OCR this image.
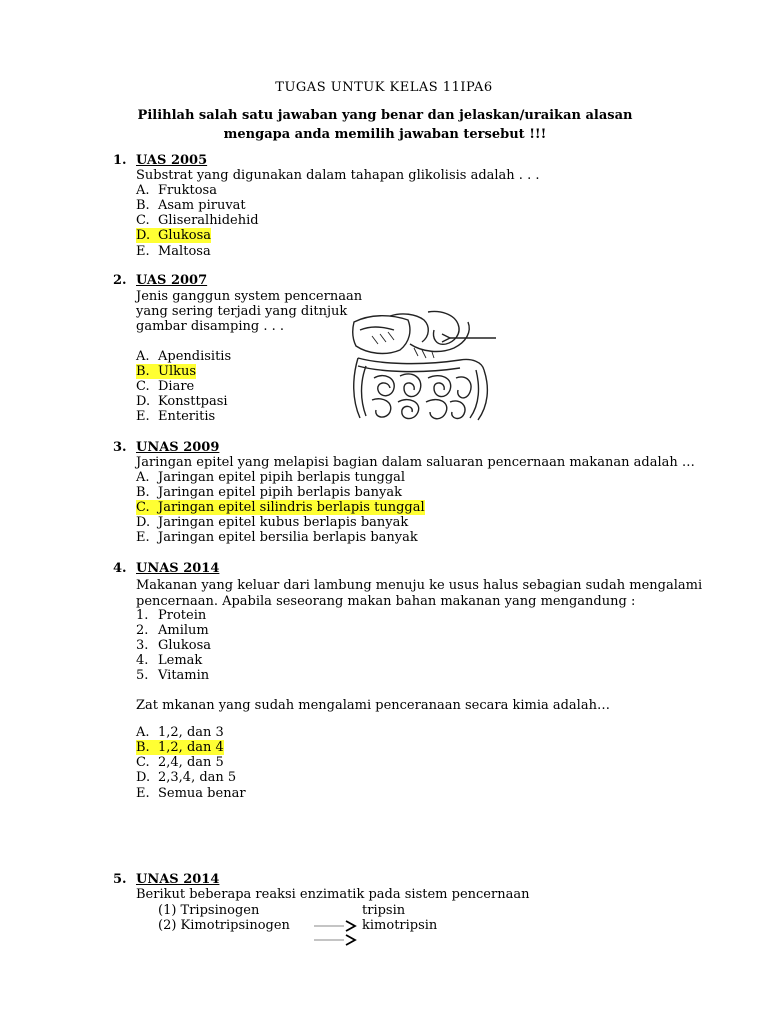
TUGAS UNTUK KELAS 11IPA6
Pilihlah salah satu jawaban yang benar dan jelaskan/uraikan alasan mengapa anda memilih jawaban tersebut !!!
1. UAS 2005
Substrat yang digunakan dalam tahapan glikolisis adalah . . .
A. Fruktosa
B. Asam piruvat
C. Gliseralhidehid
D. Glukosa
E. Maltosa
2. UAS 2007
Jenis ganggun system pencernaan
yang sering terjadi yang ditnjuk
gambar disamping . . .
A. Apendisitis
B. Ulkus
C. Diare
D. Konsttpasi
E. Enteritis
3. UNAS 2009
Jaringan epitel yang melapisi bagian dalam saluaran pencernaan makanan adalah …
A. Jaringan epitel pipih berlapis tunggal
B. Jaringan epitel pipih berlapis banyak
C. Jaringan epitel silindris berlapis tunggal
D. Jaringan epitel kubus berlapis banyak
E. Jaringan epitel bersilia berlapis banyak
4. UNAS 2014
Makanan yang keluar dari lambung menuju ke usus halus sebagian sudah mengalami
pencernaan. Apabila seseorang makan bahan makanan yang mengandung :
1. Protein
2. Amilum
3. Glukosa
4. Lemak
5. Vitamin
Zat mkanan yang sudah mengalami penceranaan secara kimia adalah…
A. 1,2, dan 3
B. 1,2, dan 4
C. 2,4, dan 5
D. 2,3,4, dan 5
E. Semua benar
5. UNAS 2014
Berikut beberapa reaksi enzimatik pada sistem pencernaan
(1) Tripsinogen	tripsin
(2) Kimotripsinogen	kimotripsin
